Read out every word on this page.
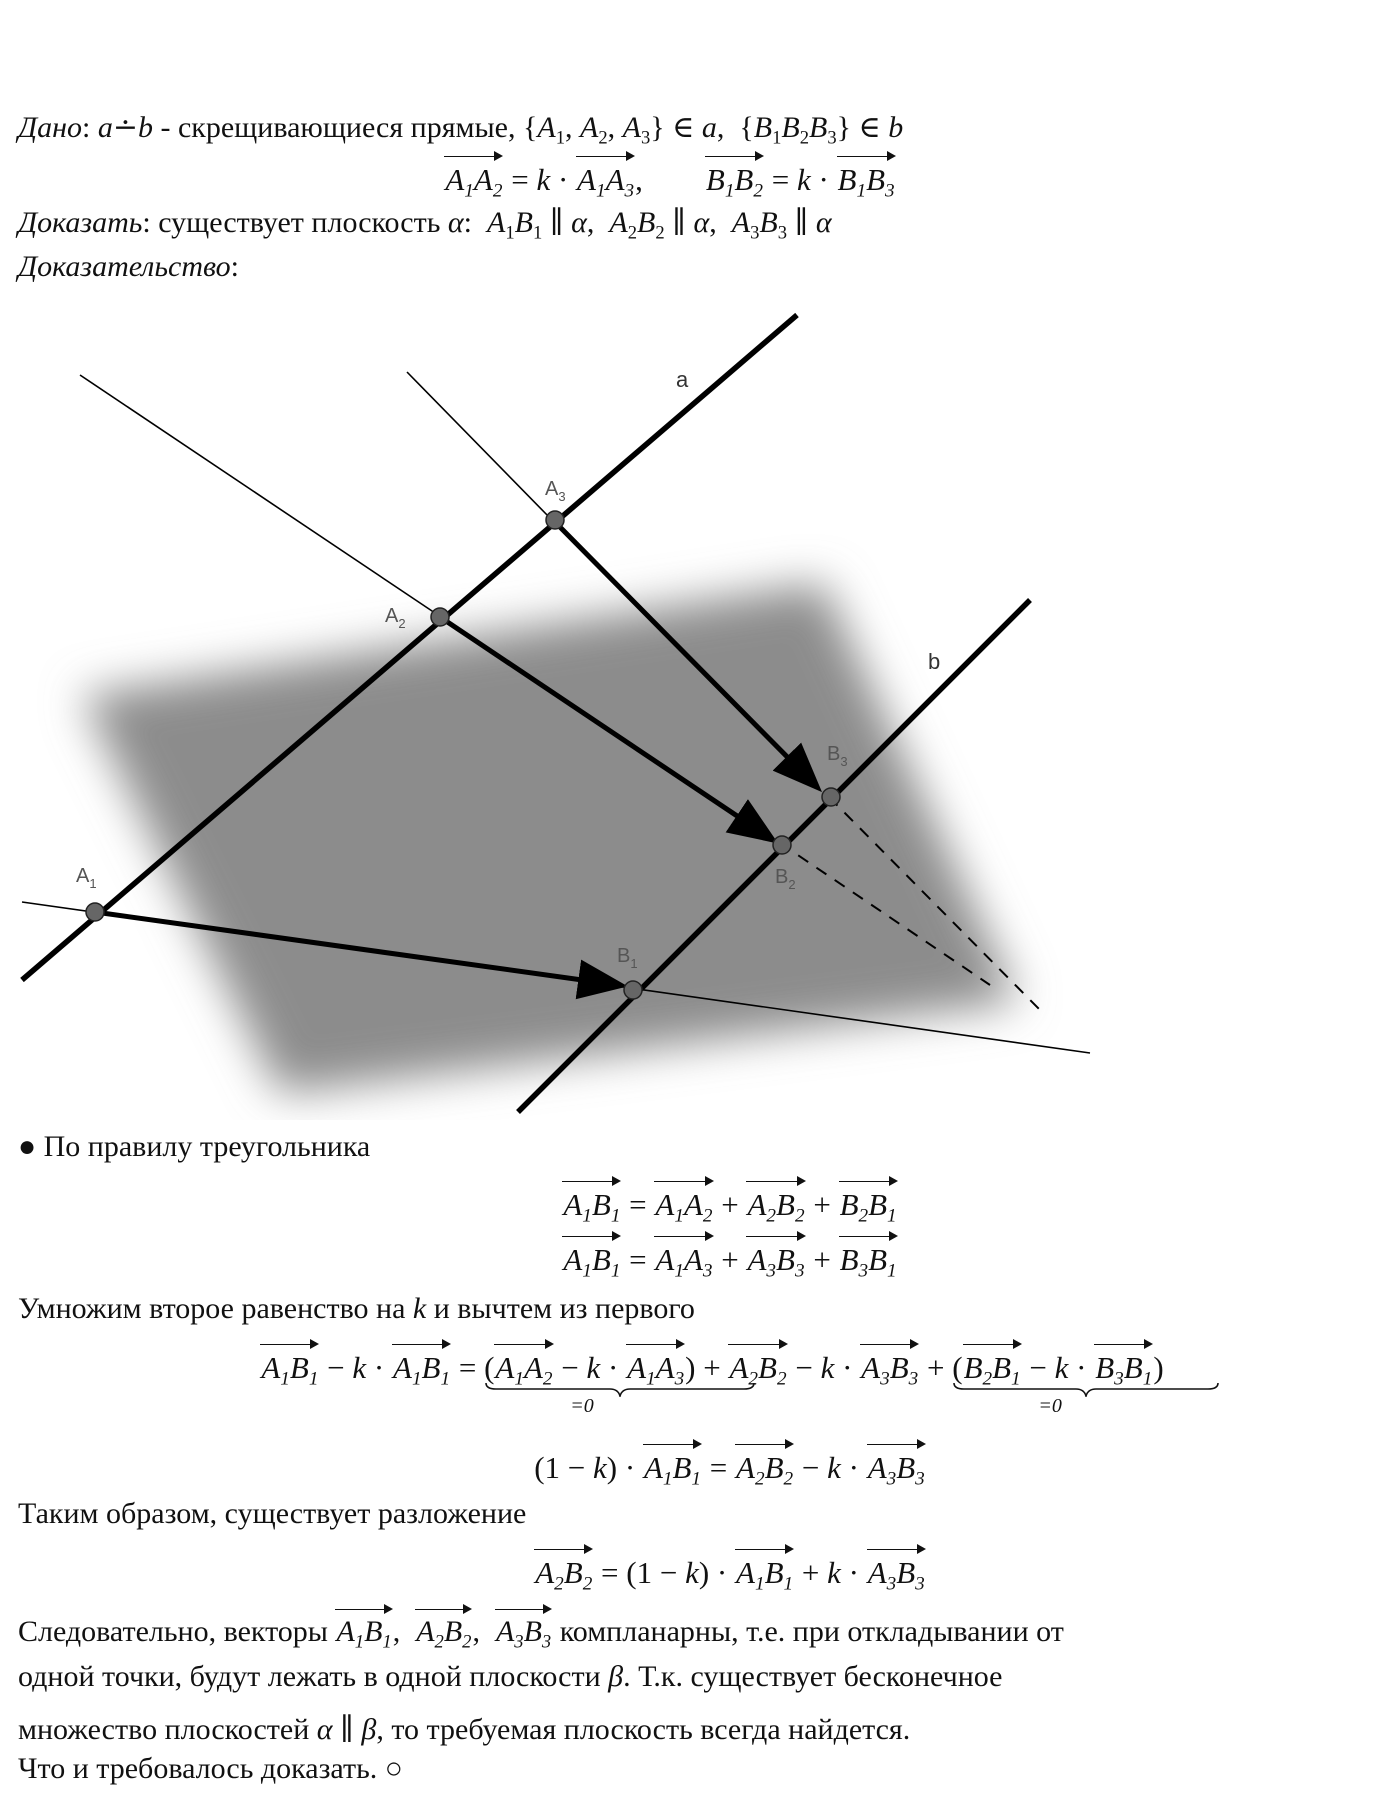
Дано: a∸b - скрещивающиеся прямые, {$A_1$, $A_2$, $A_3$} ∈ a,  $\{B_1B_2B_3\}$ ∈ b
$A_1A_2 = k \cdot A_1A_3$,        $B_1B_2 = k \cdot B_1B_3$
Доказать: существует плоскость α:  $A_1B_1$ ∥ α,  $A_2B_2$ ∥ α,  $A_3B_3$ ∥ α
Доказательство:
a
b
$A_1$
$A_2$
$A_3$
$B_1$
$B_2$
$B_3$
● По правилу треугольника
$A_1B_1 = A_1A_2 + A_2B_2 + B_2B_1$
$A_1B_1 = A_1A_3 + A_3B_3 + B_3B_1$
Умножим второе равенство на k и вычтем из первого
$A_1B_1 - k \cdot A_1B_1 = (A_1A_2 - k \cdot A_1A_3)$
=0⃗
+ $A_2B_2 - k \cdot A_3B_3 + (B_2B_1 - k \cdot B_3B_1)$
=0⃗
$(1 - k) \cdot A_1B_1 = A_2B_2 - k \cdot A_3B_3$
Таким образом, существует разложение
$A_2B_2 = (1 - k) \cdot A_1B_1 + k \cdot A_3B_3$
Следовательно, векторы $A_1B_1$,  $A_2B_2$,  $A_3B_3$ компланарны, т.е. при откладывании от
одной точки, будут лежать в одной плоскости β. Т.к. существует бесконечное
множество плоскостей α ∥ β, то требуемая плоскость всегда найдется.
Что и требовалось доказать. ○
